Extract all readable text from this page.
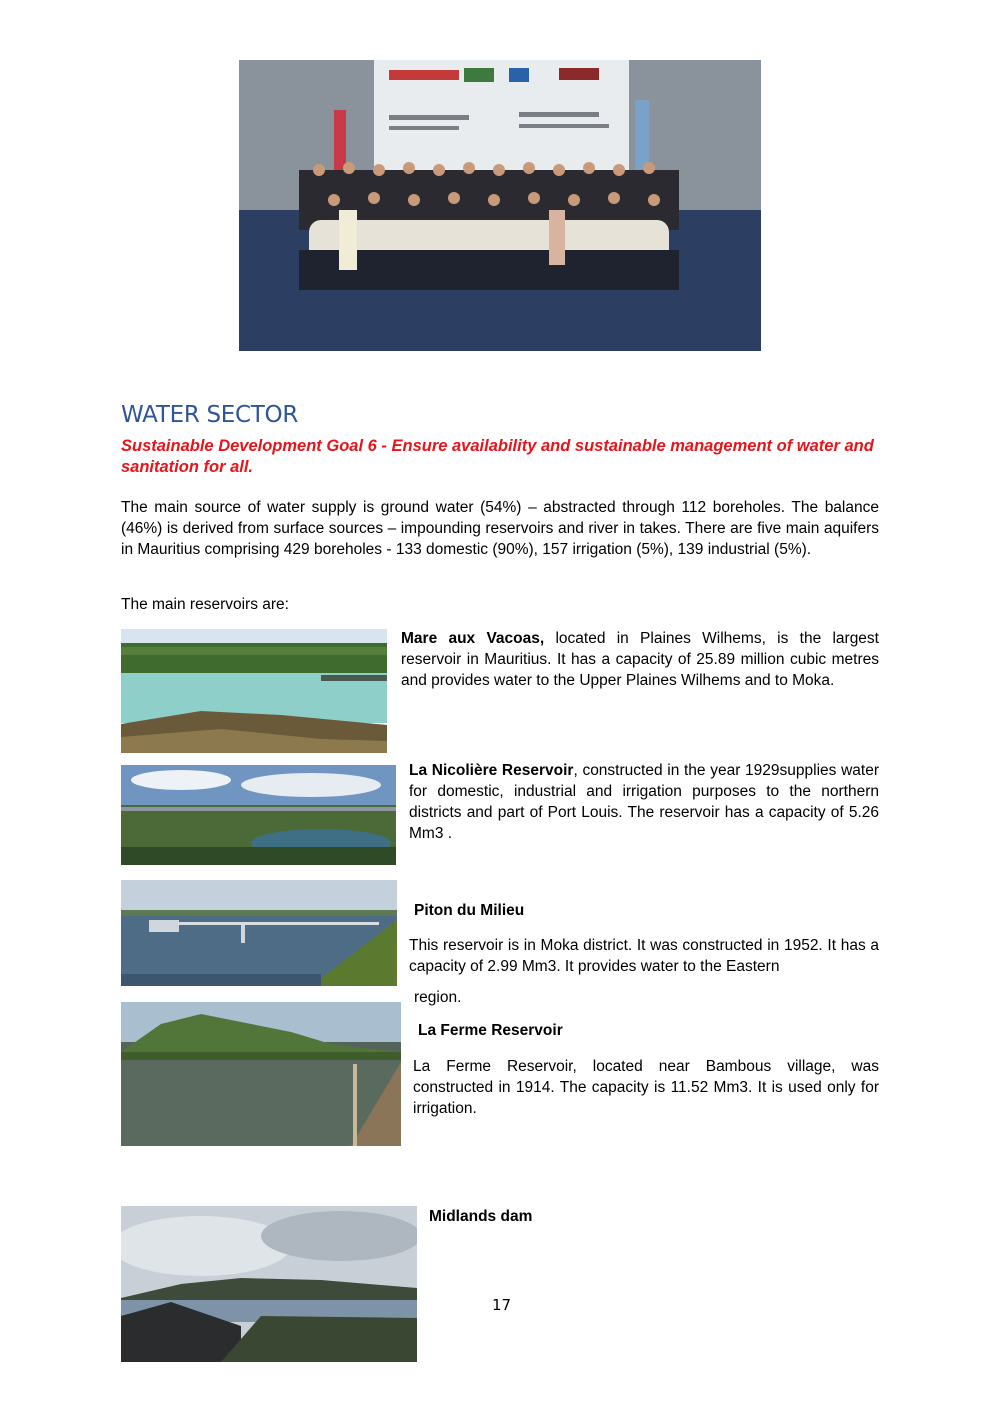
WATER SECTOR
Sustainable Development Goal 6 - Ensure availability and sustainable management of water and sanitation for all.
The main source of water supply is ground water (54%) – abstracted through 112 boreholes. The balance (46%) is derived from surface sources – impounding reservoirs and river in takes. There are five main aquifers in Mauritius comprising 429 boreholes - 133 domestic (90%), 157 irrigation (5%), 139 industrial (5%).
The main reservoirs are:
Mare aux Vacoas, located in Plaines Wilhems, is the largest reservoir in Mauritius. It has a capacity of 25.89 million cubic metres and provides water to the Upper Plaines Wilhems and to Moka.
La Nicolière Reservoir, constructed in the year 1929supplies water for domestic, industrial and irrigation purposes to the northern districts and part of Port Louis. The reservoir has a capacity of 5.26 Mm3 .
Piton du Milieu
This reservoir is in Moka district. It was constructed in 1952. It has a capacity of 2.99 Mm3. It provides water to the Eastern
region.
La Ferme Reservoir
La Ferme Reservoir, located near Bambous village, was constructed in 1914. The capacity is 11.52 Mm3. It is used only for irrigation.
Midlands dam
17
